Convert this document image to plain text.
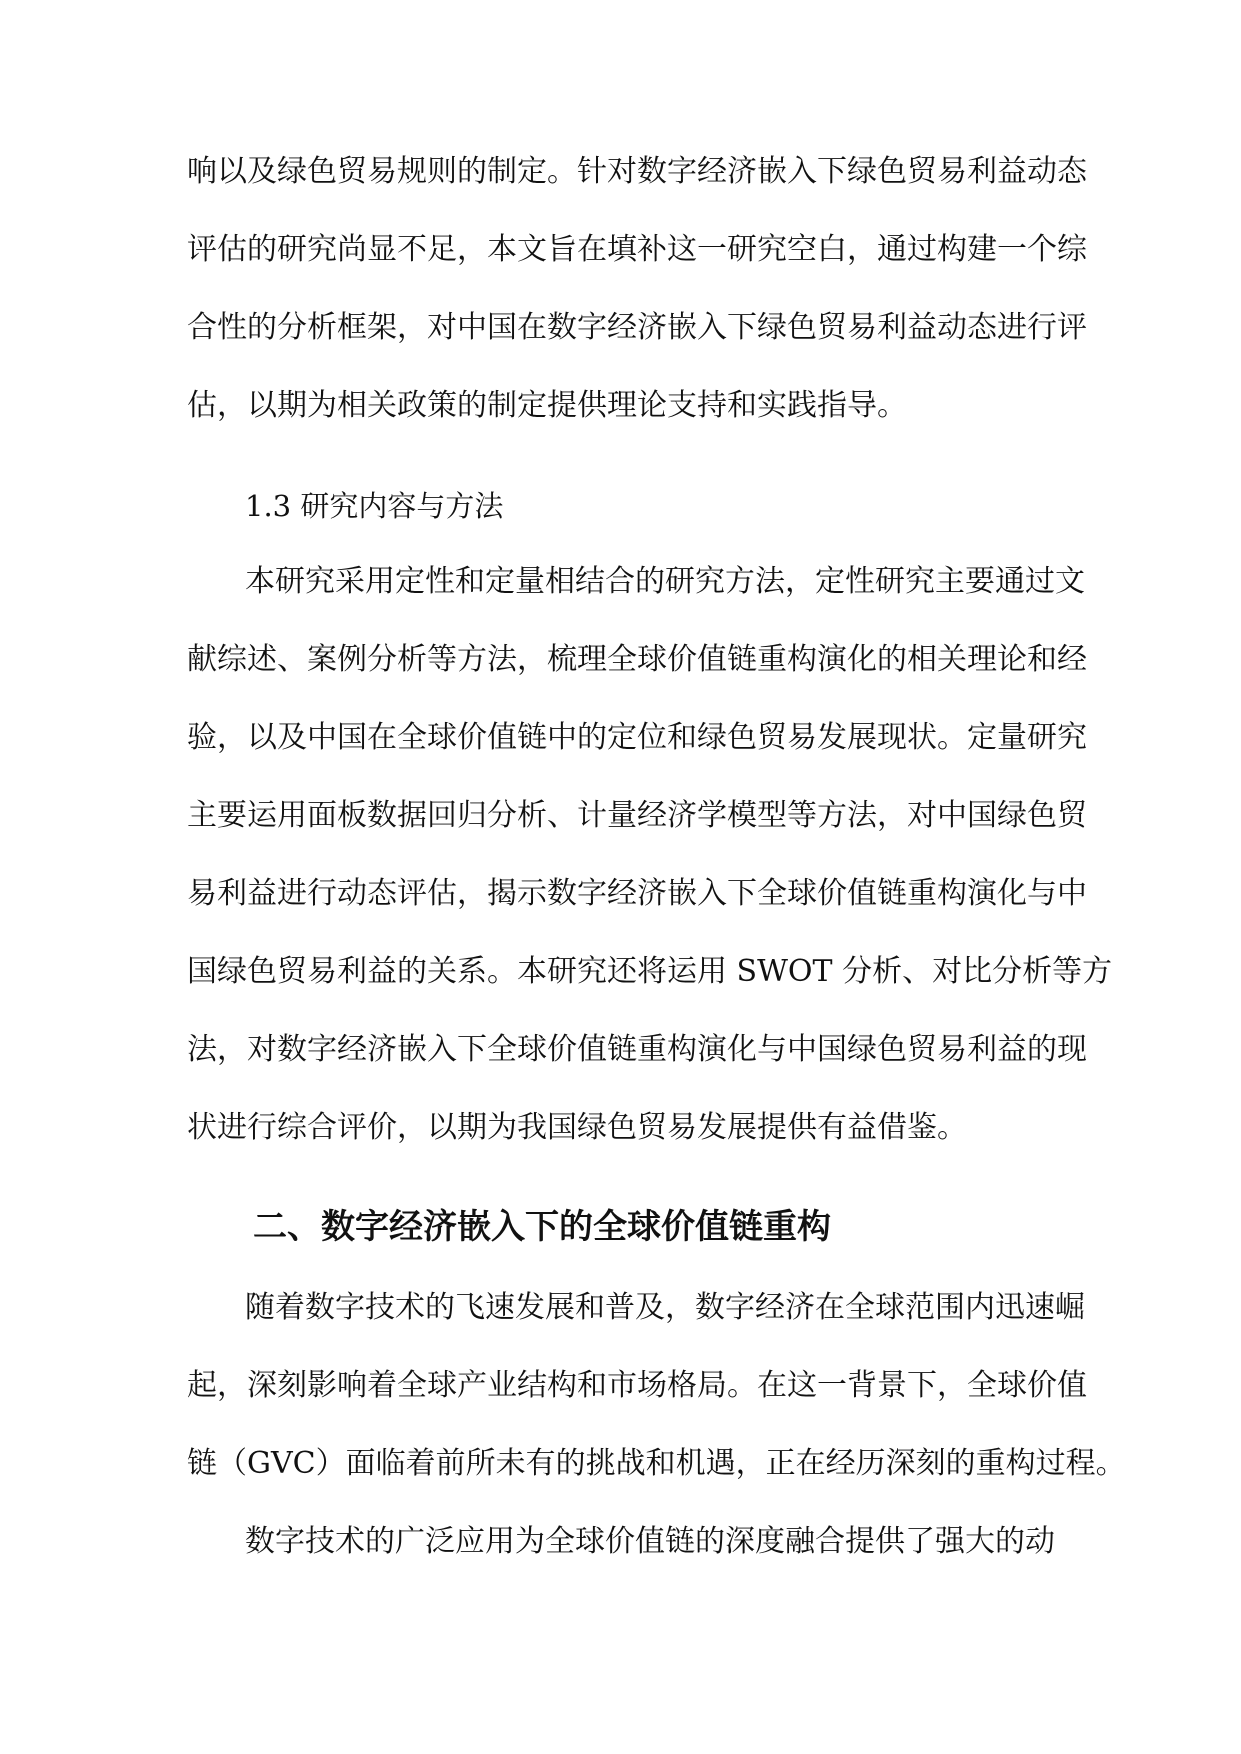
响以及绿色贸易规则的制定。针对数字经济嵌入下绿色贸易利益动态

评估的研究尚显不足，本文旨在填补这一研究空白，通过构建一个综

合性的分析框架，对中国在数字经济嵌入下绿色贸易利益动态进行评

估，以期为相关政策的制定提供理论支持和实践指导。

1.3 研究内容与方法

本研究采用定性和定量相结合的研究方法，定性研究主要通过文

献综述、案例分析等方法，梳理全球价值链重构演化的相关理论和经

验，以及中国在全球价值链中的定位和绿色贸易发展现状。定量研究

主要运用面板数据回归分析、计量经济学模型等方法，对中国绿色贸

易利益进行动态评估，揭示数字经济嵌入下全球价值链重构演化与中

国绿色贸易利益的关系。本研究还将运用 SWOT 分析、对比分析等方

法，对数字经济嵌入下全球价值链重构演化与中国绿色贸易利益的现

状进行综合评价，以期为我国绿色贸易发展提供有益借鉴。

二、数字经济嵌入下的全球价值链重构

随着数字技术的飞速发展和普及，数字经济在全球范围内迅速崛

起，深刻影响着全球产业结构和市场格局。在这一背景下，全球价值

链（GVC）面临着前所未有的挑战和机遇，正在经历深刻的重构过程。

数字技术的广泛应用为全球价值链的深度融合提供了强大的动
